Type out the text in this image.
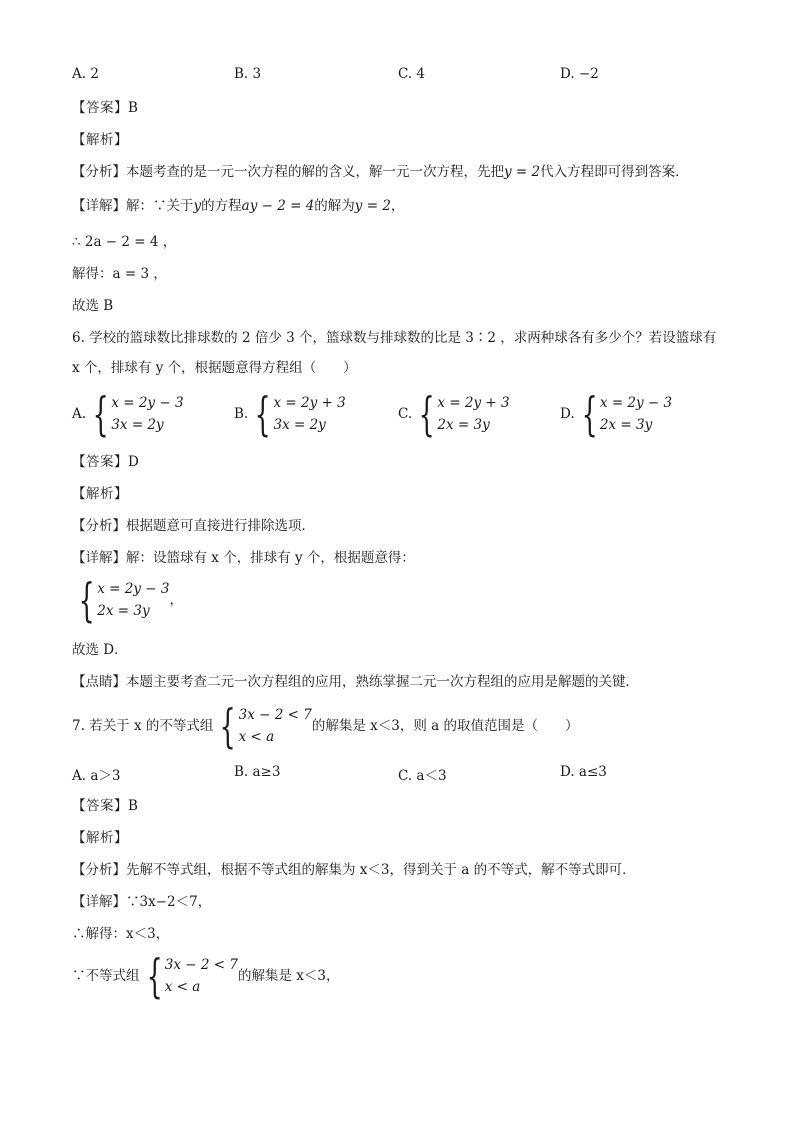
A. 2	B. 3	C. 4	D. −2
【答案】B
【解析】
【分析】本题考查的是一元一次方程的解的含义，解一元一次方程，先把y = 2代入方程即可得到答案．
【详解】解：∵关于y的方程ay − 2 = 4的解为y = 2，
∴ 2a − 2 = 4 ，
解得：a = 3 ，
故选 B
6. 学校的篮球数比排球数的 2 倍少 3 个，篮球数与排球数的比是 3∶2 ，求两种球各有多少个？若设篮球有
x 个，排球有 y 个，根据题意得方程组（　　）
A. { x = 2y − 3
3x = 2y
B. { x = 2y + 3
3x = 2y
C. { x = 2y + 3
2x = 3y
D. { x = 2y − 3
2x = 3y
【答案】D
【解析】
【分析】根据题意可直接进行排除选项．
【详解】解：设篮球有 x 个，排球有 y 个，根据题意得：
{ x = 2y − 3
2x = 3y
，
故选 D．
【点睛】本题主要考查二元一次方程组的应用，熟练掌握二元一次方程组的应用是解题的关键．
7. 若关于 x 的不等式组 { 3x − 2 < 7
x < a
的解集是 x＜3，则 a 的取值范围是（　　）
A. a＞3	B. a≥3	C. a＜3	D. a≤3
【答案】B
【解析】
【分析】先解不等式组，根据不等式组的解集为 x＜3，得到关于 a 的不等式，解不等式即可．
【详解】∵3x−2＜7，
∴解得：x＜3，
∵不等式组 { 3x − 2 < 7
x < a
的解集是 x＜3，
